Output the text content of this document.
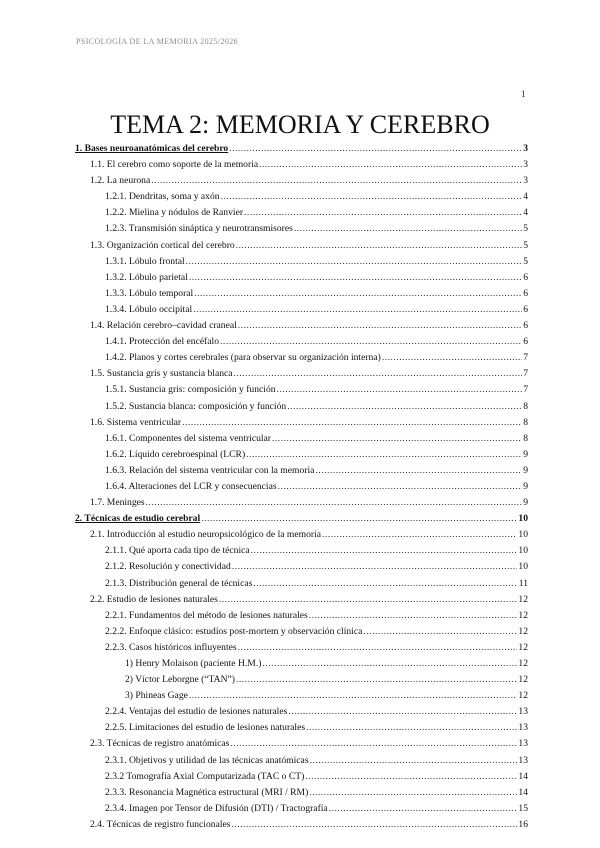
PSICOLOGÍA DE LA MEMORIA 2025/2026
1
TEMA 2: MEMORIA Y CEREBRO
1. Bases neuroanatómicas del cerebro .....	3
1.1. El cerebro como soporte de la memoria .....	3
1.2. La neurona .....	3
1.2.1. Dendritas, soma y axón .....	4
1.2.2. Mielina y nódulos de Ranvier .....	4
1.2.3. Transmisión sináptica y neurotransmisores .....	5
1.3. Organización cortical del cerebro .....	5
1.3.1. Lóbulo frontal .....	5
1.3.2. Lóbulo parietal .....	6
1.3.3. Lóbulo temporal .....	6
1.3.4. Lóbulo occipital .....	6
1.4. Relación cerebro–cavidad craneal .....	6
1.4.1. Protección del encéfalo .....	6
1.4.2. Planos y cortes cerebrales (para observar su organización interna) .....	7
1.5. Sustancia gris y sustancia blanca .....	7
1.5.1. Sustancia gris: composición y función .....	7
1.5.2. Sustancia blanca: composición y función .....	8
1.6. Sistema ventricular .....	8
1.6.1. Componentes del sistema ventricular .....	8
1.6.2. Líquido cerebroespinal (LCR) .....	9
1.6.3. Relación del sistema ventricular con la memoria .....	9
1.6.4. Alteraciones del LCR y consecuencias .....	9
1.7. Meninges .....	9
2. Técnicas de estudio cerebral .....	10
2.1. Introducción al estudio neuropsicológico de la memoria .....	10
2.1.1. Qué aporta cada tipo de técnica .....	10
2.1.2. Resolución y conectividad .....	10
2.1.3. Distribución general de técnicas .....	11
2.2. Estudio de lesiones naturales .....	12
2.2.1. Fundamentos del método de lesiones naturales .....	12
2.2.2. Enfoque clásico: estudios post-mortem y observación clínica .....	12
2.2.3. Casos históricos influyentes .....	12
1) Henry Molaison (paciente H.M.) .....	12
2) Víctor Leborgne (“TAN”) .....	12
3) Phineas Gage .....	12
2.2.4. Ventajas del estudio de lesiones naturales .....	13
2.2.5. Limitaciones del estudio de lesiones naturales .....	13
2.3. Técnicas de registro anatómicas .....	13
2.3.1. Objetivos y utilidad de las técnicas anatómicas .....	13
2.3.2 Tomografía Axial Computarizada (TAC o CT) .....	14
2.3.3. Resonancia Magnética estructural (MRI / RM) .....	14
2.3.4. Imagen por Tensor de Difusión (DTI) / Tractografía .....	15
2.4. Técnicas de registro funcionales .....	16
